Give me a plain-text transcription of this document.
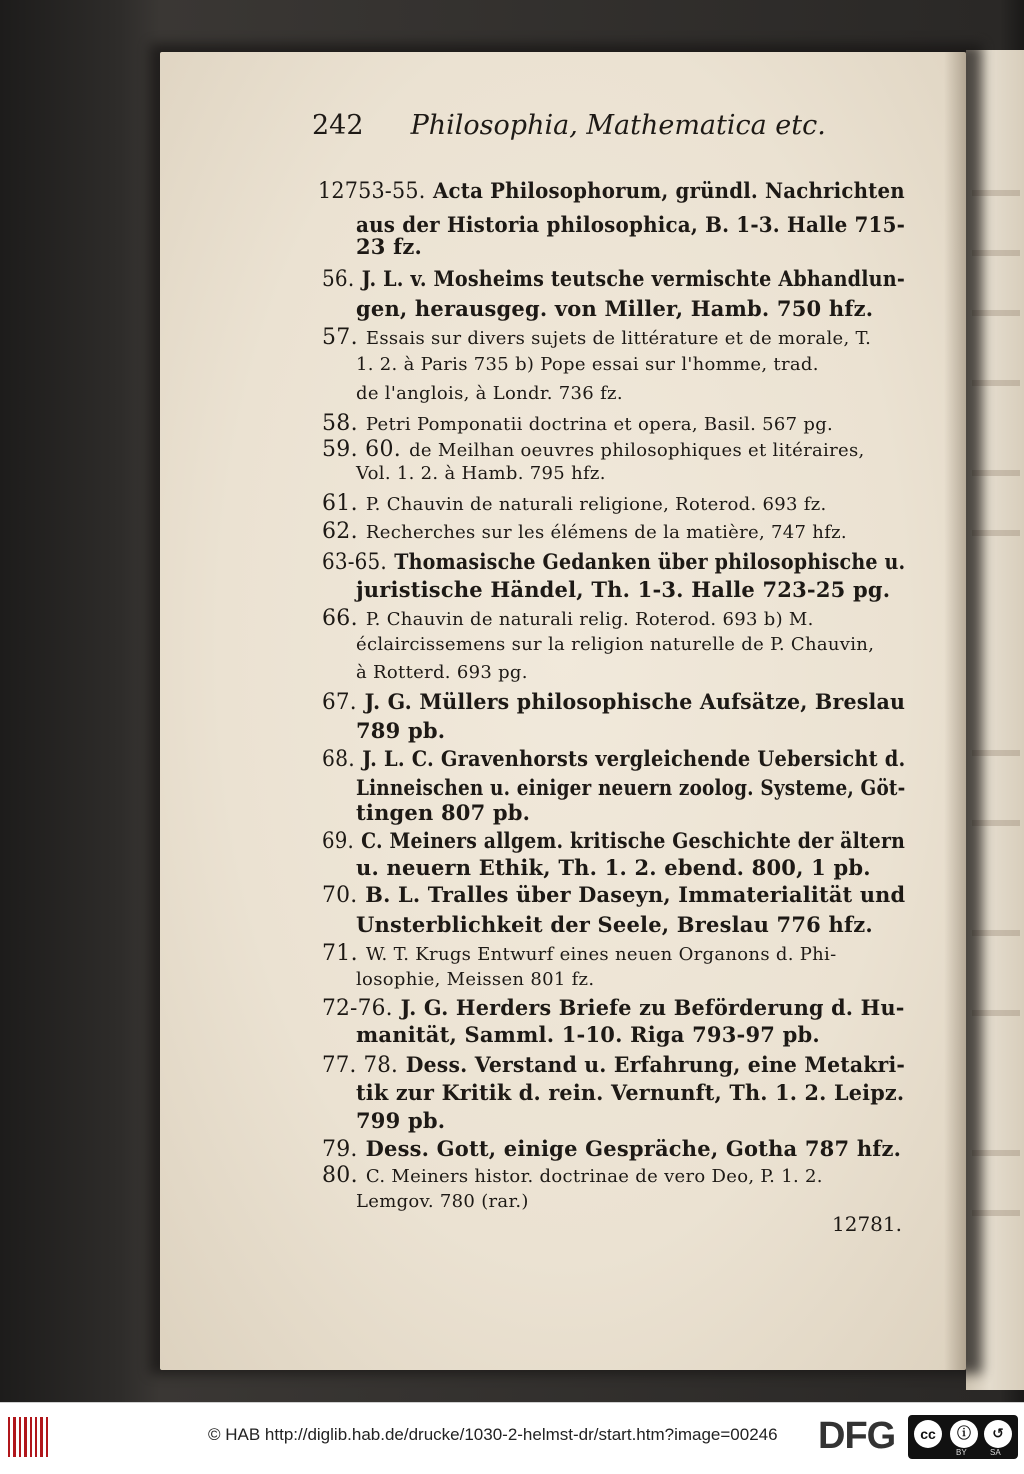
242 Philosophia, Mathematica etc.
12753-55. Acta Philosophorum, gründl. Nachrichten
aus der Historia philosophica, B. 1-3. Halle 715-
23 fz.
56. J. L. v. Mosheims teutsche vermischte Abhandlun-
gen, herausgeg. von Miller, Hamb. 750 hfz.
57. Essais sur divers sujets de littérature et de morale, T.
1. 2. à Paris 735 b) Pope essai sur l'homme, trad.
de l'anglois, à Londr. 736 fz.
58. Petri Pomponatii doctrina et opera, Basil. 567 pg.
59. 60. de Meilhan oeuvres philosophiques et litéraires,
Vol. 1. 2. à Hamb. 795 hfz.
61. P. Chauvin de naturali religione, Roterod. 693 fz.
62. Recherches sur les élémens de la matière, 747 hfz.
63-65. Thomasische Gedanken über philosophische u.
juristische Händel, Th. 1-3. Halle 723-25 pg.
66. P. Chauvin de naturali relig. Roterod. 693 b) M.
éclaircissemens sur la religion naturelle de P. Chauvin,
à Rotterd. 693 pg.
67. J. G. Müllers philosophische Aufsätze, Breslau
789 pb.
68. J. L. C. Gravenhorsts vergleichende Uebersicht d.
Linneischen u. einiger neuern zoolog. Systeme, Göt-
tingen 807 pb.
69. C. Meiners allgem. kritische Geschichte der ältern
u. neuern Ethik, Th. 1. 2. ebend. 800, 1 pb.
70. B. L. Tralles über Daseyn, Immaterialität und
Unsterblichkeit der Seele, Breslau 776 hfz.
71. W. T. Krugs Entwurf eines neuen Organons d. Phi-
losophie, Meissen 801 fz.
72-76. J. G. Herders Briefe zu Beförderung d. Hu-
manität, Samml. 1-10. Riga 793-97 pb.
77. 78. Dess. Verstand u. Erfahrung, eine Metakri-
tik zur Kritik d. rein. Vernunft, Th. 1. 2. Leipz.
799 pb.
79. Dess. Gott, einige Gespräche, Gotha 787 hfz.
80. C. Meiners histor. doctrinae de vero Deo, P. 1. 2.
Lemgov. 780 (rar.)
12781.
© HAB http://diglib.hab.de/drucke/1030-2-helmst-dr/start.htm?image=00246 DFG	cc	ⓘ	↺
BY	SA
